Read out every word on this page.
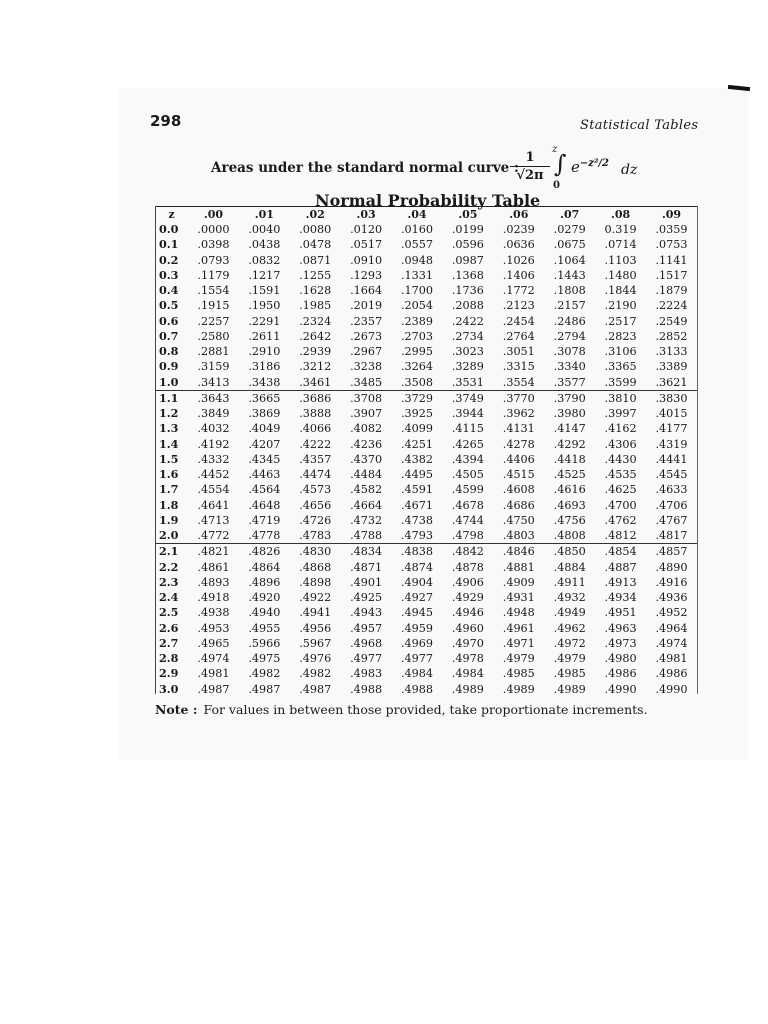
298	Statistical Tables
Areas under the standard normal curve :
1
√2π
z
∫
0
$e^{-z^2/2}$ dz
Normal Probability Table
z	.00	.01	.02	.03	.04	.05	.06	.07	.08	.09
0.0	.0000	.0040	.0080	.0120	.0160	.0199	.0239	.0279	0.319	.0359
0.1	.0398	.0438	.0478	.0517	.0557	.0596	.0636	.0675	.0714	.0753
0.2	.0793	.0832	.0871	.0910	.0948	.0987	.1026	.1064	.1103	.1141
0.3	.1179	.1217	.1255	.1293	.1331	.1368	.1406	.1443	.1480	.1517
0.4	.1554	.1591	.1628	.1664	.1700	.1736	.1772	.1808	.1844	.1879
0.5	.1915	.1950	.1985	.2019	.2054	.2088	.2123	.2157	.2190	.2224
0.6	.2257	.2291	.2324	.2357	.2389	.2422	.2454	.2486	.2517	.2549
0.7	.2580	.2611	.2642	.2673	.2703	.2734	.2764	.2794	.2823	.2852
0.8	.2881	.2910	.2939	.2967	.2995	.3023	.3051	.3078	.3106	.3133
0.9	.3159	.3186	.3212	.3238	.3264	.3289	.3315	.3340	.3365	.3389
1.0	.3413	.3438	.3461	.3485	.3508	.3531	.3554	.3577	.3599	.3621
1.1	.3643	.3665	.3686	.3708	.3729	.3749	.3770	.3790	.3810	.3830
1.2	.3849	.3869	.3888	.3907	.3925	.3944	.3962	.3980	.3997	.4015
1.3	.4032	.4049	.4066	.4082	.4099	.4115	.4131	.4147	.4162	.4177
1.4	.4192	.4207	.4222	.4236	.4251	.4265	.4278	.4292	.4306	.4319
1.5	.4332	.4345	.4357	.4370	.4382	.4394	.4406	.4418	.4430	.4441
1.6	.4452	.4463	.4474	.4484	.4495	.4505	.4515	.4525	.4535	.4545
1.7	.4554	.4564	.4573	.4582	.4591	.4599	.4608	.4616	.4625	.4633
1.8	.4641	.4648	.4656	.4664	.4671	.4678	.4686	.4693	.4700	.4706
1.9	.4713	.4719	.4726	.4732	.4738	.4744	.4750	.4756	.4762	.4767
2.0	.4772	.4778	.4783	.4788	.4793	.4798	.4803	.4808	.4812	.4817
2.1	.4821	.4826	.4830	.4834	.4838	.4842	.4846	.4850	.4854	.4857
2.2	.4861	.4864	.4868	.4871	.4874	.4878	.4881	.4884	.4887	.4890
2.3	.4893	.4896	.4898	.4901	.4904	.4906	.4909	.4911	.4913	.4916
2.4	.4918	.4920	.4922	.4925	.4927	.4929	.4931	.4932	.4934	.4936
2.5	.4938	.4940	.4941	.4943	.4945	.4946	.4948	.4949	.4951	.4952
2.6	.4953	.4955	.4956	.4957	.4959	.4960	.4961	.4962	.4963	.4964
2.7	.4965	.5966	.5967	.4968	.4969	.4970	.4971	.4972	.4973	.4974
2.8	.4974	.4975	.4976	.4977	.4977	.4978	.4979	.4979	.4980	.4981
2.9	.4981	.4982	.4982	.4983	.4984	.4984	.4985	.4985	.4986	.4986
3.0	.4987	.4987	.4987	.4988	.4988	.4989	.4989	.4989	.4990	.4990
Note : For values in between those provided, take proportionate increments.
